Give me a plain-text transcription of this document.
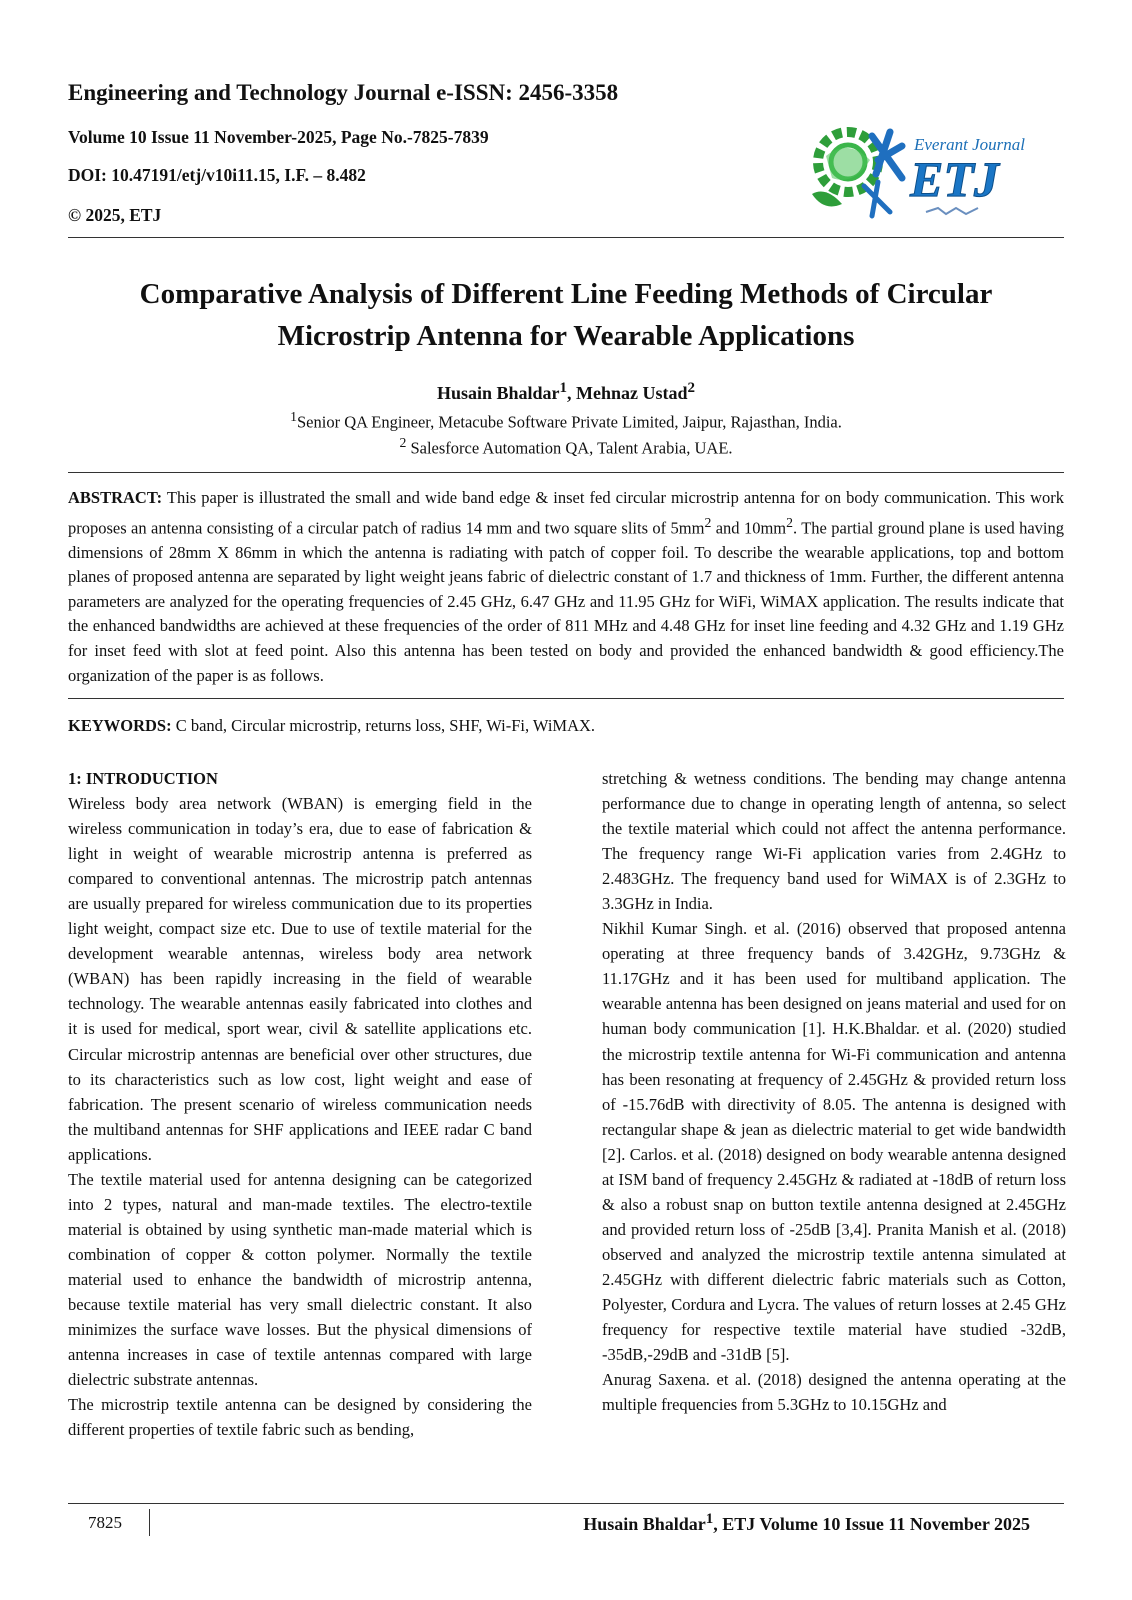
Engineering and Technology Journal e-ISSN: 2456-3358
Volume 10 Issue 11 November-2025, Page No.-7825-7839
DOI: 10.47191/etj/v10i11.15, I.F. – 8.482
© 2025, ETJ
Everant Journal
ETJ
Comparative Analysis of Different Line Feeding Methods of Circular
Microstrip Antenna for Wearable Applications
Husain Bhaldar$^1$, Mehnaz Ustad$^2$
$^1$Senior QA Engineer, Metacube Software Private Limited, Jaipur, Rajasthan, India.
$^2$ Salesforce Automation QA, Talent Arabia, UAE.
ABSTRACT: This paper is illustrated the small and wide band edge & inset fed circular microstrip antenna for on body communication. This work proposes an antenna consisting of a circular patch of radius 14 mm and two square slits of $5mm^2$ and $10mm^2$. The partial ground plane is used having dimensions of 28mm X 86mm in which the antenna is radiating with patch of copper foil. To describe the wearable applications, top and bottom planes of proposed antenna are separated by light weight jeans fabric of dielectric constant of 1.7 and thickness of 1mm. Further, the different antenna parameters are analyzed for the operating frequencies of 2.45 GHz, 6.47 GHz and 11.95 GHz for WiFi, WiMAX application. The results indicate that the enhanced bandwidths are achieved at these frequencies of the order of 811 MHz and 4.48 GHz for inset line feeding and 4.32 GHz and 1.19 GHz for inset feed with slot at feed point. Also this antenna has been tested on body and provided the enhanced bandwidth & good efficiency.The organization of the paper is as follows.
KEYWORDS: C band, Circular microstrip, returns loss, SHF, Wi-Fi, WiMAX.

1: INTRODUCTION

Wireless body area network (WBAN) is emerging field in the wireless communication in today’s era, due to ease of fabrication & light in weight of wearable microstrip antenna is preferred as compared to conventional antennas. The microstrip patch antennas are usually prepared for wireless communication due to its properties light weight, compact size etc. Due to use of textile material for the development wearable antennas, wireless body area network (WBAN) has been rapidly increasing in the field of wearable technology. The wearable antennas easily fabricated into clothes and it is used for medical, sport wear, civil & satellite applications etc. Circular microstrip antennas are beneficial over other structures, due to its characteristics such as low cost, light weight and ease of fabrication. The present scenario of wireless communication needs the multiband antennas for SHF applications and IEEE radar C band applications.

The textile material used for antenna designing can be categorized into 2 types, natural and man-made textiles. The electro-textile material is obtained by using synthetic man-made material which is combination of copper & cotton polymer. Normally the textile material used to enhance the bandwidth of microstrip antenna, because textile material has very small dielectric constant. It also minimizes the surface wave losses. But the physical dimensions of antenna increases in case of textile antennas compared with large dielectric substrate antennas.

The microstrip textile antenna can be designed by considering the different properties of textile fabric such as bending,

stretching & wetness conditions. The bending may change antenna performance due to change in operating length of antenna, so select the textile material which could not affect the antenna performance. The frequency range Wi-Fi application varies from 2.4GHz to 2.483GHz. The frequency band used for WiMAX is of 2.3GHz to 3.3GHz in India.

Nikhil Kumar Singh. et al. (2016) observed that proposed antenna operating at three frequency bands of 3.42GHz, 9.73GHz & 11.17GHz and it has been used for multiband application. The wearable antenna has been designed on jeans material and used for on human body communication [1]. H.K.Bhaldar. et al. (2020) studied the microstrip textile antenna for Wi-Fi communication and antenna has been resonating at frequency of 2.45GHz & provided return loss of -15.76dB with directivity of 8.05. The antenna is designed with rectangular shape & jean as dielectric material to get wide bandwidth [2]. Carlos. et al. (2018) designed on body wearable antenna designed at ISM band of frequency 2.45GHz & radiated at -18dB of return loss & also a robust snap on button textile antenna designed at 2.45GHz and provided return loss of -25dB [3,4]. Pranita Manish et al. (2018) observed and analyzed the microstrip textile antenna simulated at 2.45GHz with different dielectric fabric materials such as Cotton, Polyester, Cordura and Lycra. The values of return losses at 2.45 GHz frequency for respective textile material have studied -32dB, -35dB,-29dB and -31dB [5].

Anurag Saxena. et al. (2018) designed the antenna operating at the multiple frequencies from 5.3GHz to 10.15GHz and

7825	Husain Bhaldar$^1$, ETJ Volume 10 Issue 11 November 2025
